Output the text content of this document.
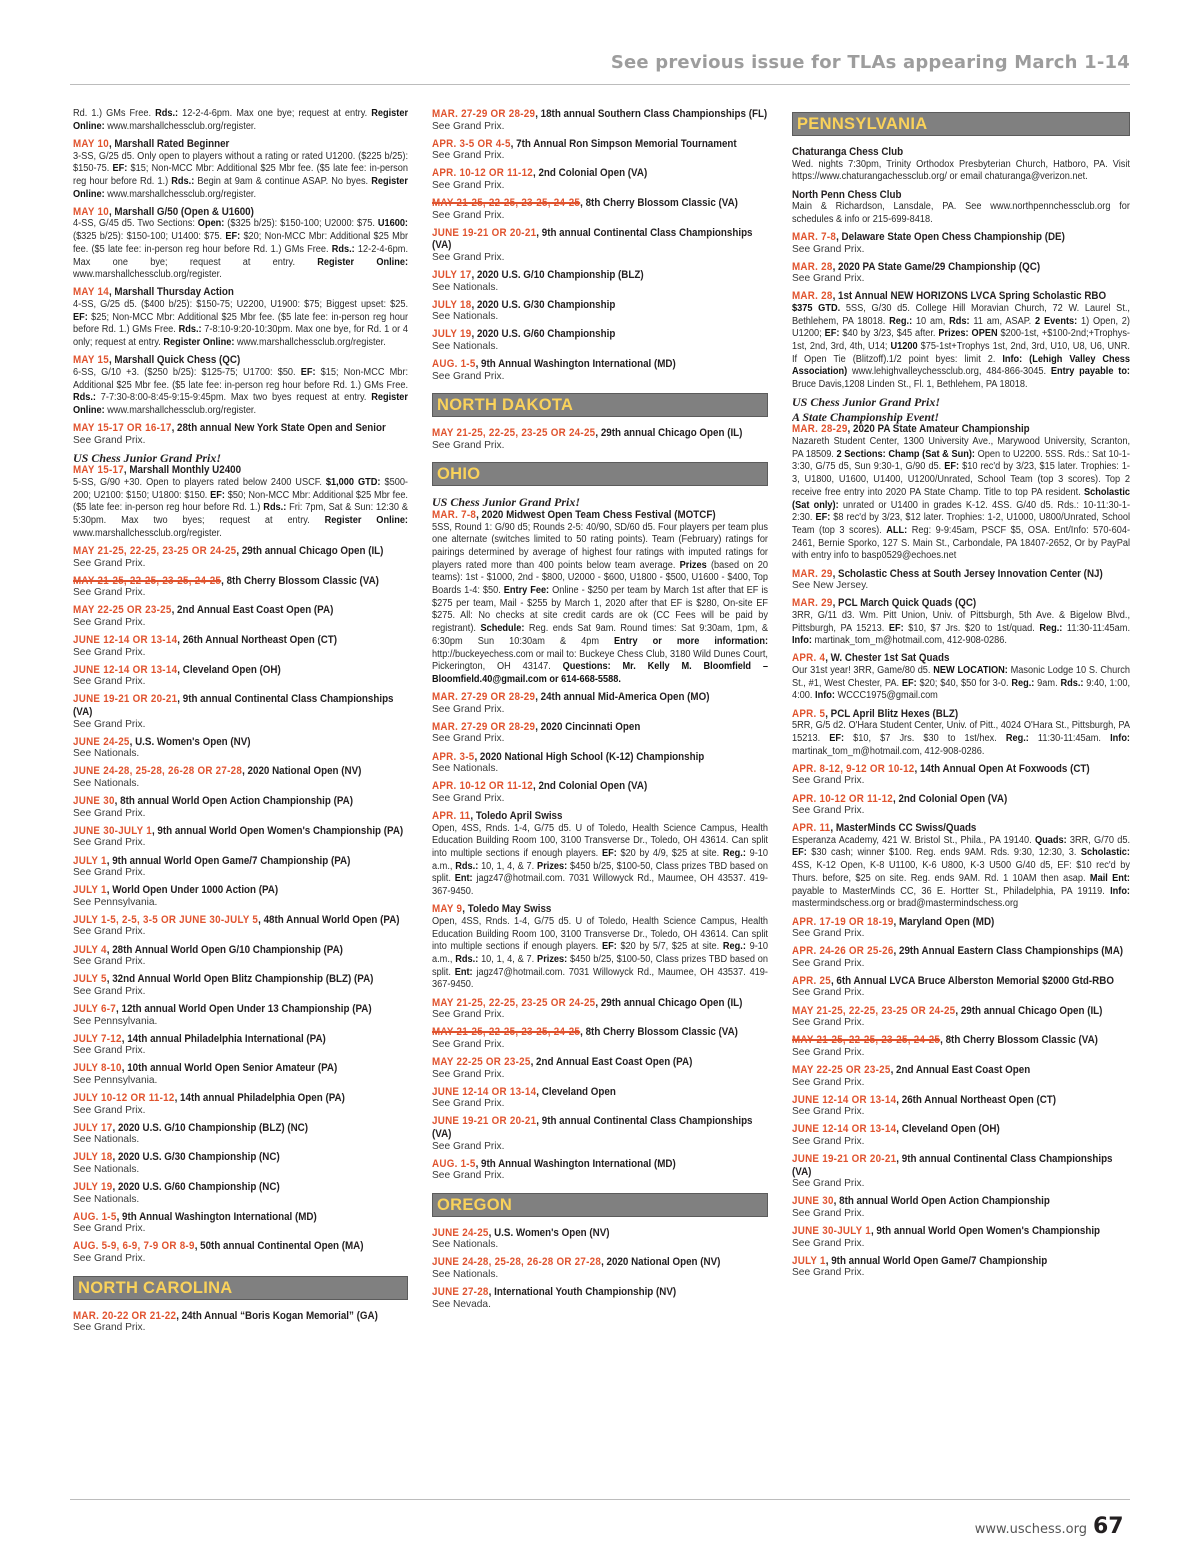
See previous issue for TLAs appearing March 1-14
Rd. 1.) GMs Free. Rds.: 12-2-4-6pm. Max one bye; request at entry. Register Online: www.marshallchessclub.org/register.
MAY 10, Marshall Rated Beginner
3-SS, G/25 d5. Only open to players without a rating or rated U1200. ($225 b/25): $150-75. EF: $15; Non-MCC Mbr: Additional $25 Mbr fee. ($5 late fee: in-person reg hour before Rd. 1.) Rds.: Begin at 9am & continue ASAP. No byes. Register Online: www.marshallchessclub.org/register.
MAY 10, Marshall G/50 (Open & U1600)
4-SS, G/45 d5. Two Sections: Open: ($325 b/25): $150-100; U2000: $75. U1600: ($325 b/25): $150-100; U1400: $75. EF: $20; Non-MCC Mbr: Additional $25 Mbr fee. ($5 late fee: in-person reg hour before Rd. 1.) GMs Free. Rds.: 12-2-4-6pm. Max one bye; request at entry. Register Online: www.marshallchessclub.org/register.
MAY 14, Marshall Thursday Action
4-SS, G/25 d5. ($400 b/25): $150-75; U2200, U1900: $75; Biggest upset: $25. EF: $25; Non-MCC Mbr: Additional $25 Mbr fee. ($5 late fee: in-person reg hour before Rd. 1.) GMs Free. Rds.: 7-8:10-9:20-10:30pm. Max one bye, for Rd. 1 or 4 only; request at entry. Register Online: www.marshallchessclub.org/register.
MAY 15, Marshall Quick Chess (QC)
6-SS, G/10 +3. ($250 b/25): $125-75; U1700: $50. EF: $15; Non-MCC Mbr: Additional $25 Mbr fee. ($5 late fee: in-person reg hour before Rd. 1.) GMs Free. Rds.: 7-7:30-8:00-8:45-9:15-9:45pm. Max two byes request at entry. Register Online: www.marshallchessclub.org/register.
MAY 15-17 OR 16-17, 28th annual New York State Open and Senior
See Grand Prix.
US Chess Junior Grand Prix!
MAY 15-17, Marshall Monthly U2400
5-SS, G/90 +30. Open to players rated below 2400 USCF. $1,000 GTD: $500-200; U2100: $150; U1800: $150. EF: $50; Non-MCC Mbr: Additional $25 Mbr fee. ($5 late fee: in-person reg hour before Rd. 1.) Rds.: Fri: 7pm, Sat & Sun: 12:30 & 5:30pm. Max two byes; request at entry. Register Online: www.marshallchessclub.org/register.
MAY 21-25, 22-25, 23-25 OR 24-25, 29th annual Chicago Open (IL)
See Grand Prix.
MAY 21-25, 22-25, 23-25, 24-25, 8th Cherry Blossom Classic (VA)
See Grand Prix.
MAY 22-25 OR 23-25, 2nd Annual East Coast Open (PA)
See Grand Prix.
JUNE 12-14 OR 13-14, 26th Annual Northeast Open (CT)
See Grand Prix.
JUNE 12-14 OR 13-14, Cleveland Open (OH)
See Grand Prix.
JUNE 19-21 OR 20-21, 9th annual Continental Class Championships (VA)
See Grand Prix.
JUNE 24-25, U.S. Women's Open (NV)
See Nationals.
JUNE 24-28, 25-28, 26-28 OR 27-28, 2020 National Open (NV)
See Nationals.
JUNE 30, 8th annual World Open Action Championship (PA)
See Grand Prix.
JUNE 30-JULY 1, 9th annual World Open Women's Championship (PA)
See Grand Prix.
JULY 1, 9th annual World Open Game/7 Championship (PA)
See Grand Prix.
JULY 1, World Open Under 1000 Action (PA)
See Pennsylvania.
JULY 1-5, 2-5, 3-5 OR JUNE 30-JULY 5, 48th Annual World Open (PA)
See Grand Prix.
JULY 4, 28th Annual World Open G/10 Championship (PA)
See Grand Prix.
JULY 5, 32nd Annual World Open Blitz Championship (BLZ) (PA)
See Grand Prix.
JULY 6-7, 12th annual World Open Under 13 Championship (PA)
See Pennsylvania.
JULY 7-12, 14th annual Philadelphia International (PA)
See Grand Prix.
JULY 8-10, 10th annual World Open Senior Amateur (PA)
See Pennsylvania.
JULY 10-12 OR 11-12, 14th annual Philadelphia Open (PA)
See Grand Prix.
JULY 17, 2020 U.S. G/10 Championship (BLZ) (NC)
See Nationals.
JULY 18, 2020 U.S. G/30 Championship (NC)
See Nationals.
JULY 19, 2020 U.S. G/60 Championship (NC)
See Nationals.
AUG. 1-5, 9th Annual Washington International (MD)
See Grand Prix.
AUG. 5-9, 6-9, 7-9 OR 8-9, 50th annual Continental Open (MA)
See Grand Prix.
NORTH CAROLINA
MAR. 20-22 OR 21-22, 24th Annual “Boris Kogan Memorial” (GA)
See Grand Prix.
MAR. 27-29 OR 28-29, 18th annual Southern Class Championships (FL)
See Grand Prix.
APR. 3-5 OR 4-5, 7th Annual Ron Simpson Memorial Tournament
See Grand Prix.
APR. 10-12 OR 11-12, 2nd Colonial Open (VA)
See Grand Prix.
MAY 21-25, 22-25, 23-25, 24-25, 8th Cherry Blossom Classic (VA)
See Grand Prix.
JUNE 19-21 OR 20-21, 9th annual Continental Class Championships (VA)
See Grand Prix.
JULY 17, 2020 U.S. G/10 Championship (BLZ)
See Nationals.
JULY 18, 2020 U.S. G/30 Championship
See Nationals.
JULY 19, 2020 U.S. G/60 Championship
See Nationals.
AUG. 1-5, 9th Annual Washington International (MD)
See Grand Prix.
NORTH DAKOTA
MAY 21-25, 22-25, 23-25 OR 24-25, 29th annual Chicago Open (IL)
See Grand Prix.
OHIO
US Chess Junior Grand Prix!
MAR. 7-8, 2020 Midwest Open Team Chess Festival (MOTCF)
5SS, Round 1: G/90 d5; Rounds 2-5: 40/90, SD/60 d5. Four players per team plus one alternate (switches limited to 50 rating points). Team (February) ratings for pairings determined by average of highest four ratings with imputed ratings for players rated more than 400 points below team average. Prizes (based on 20 teams): 1st - $1000, 2nd - $800, U2000 - $600, U1800 - $500, U1600 - $400, Top Boards 1-4: $50. Entry Fee: Online - $250 per team by March 1st after that EF is $275 per team, Mail - $255 by March 1, 2020 after that EF is $280, On-site EF $275. All: No checks at site credit cards are ok (CC Fees will be paid by registrant). Schedule: Reg. ends Sat 9am. Round times: Sat 9:30am, 1pm, & 6:30pm Sun 10:30am & 4pm Entry or more information: http://buckeyechess.com or mail to: Buckeye Chess Club, 3180 Wild Dunes Court, Pickerington, OH 43147. Questions: Mr. Kelly M. Bloomfield – Bloomfield.40@gmail.com or 614-668-5588.
MAR. 27-29 OR 28-29, 24th annual Mid-America Open (MO)
See Grand Prix.
MAR. 27-29 OR 28-29, 2020 Cincinnati Open
See Grand Prix.
APR. 3-5, 2020 National High School (K-12) Championship
See Nationals.
APR. 10-12 OR 11-12, 2nd Colonial Open (VA)
See Grand Prix.
APR. 11, Toledo April Swiss
Open, 4SS, Rnds. 1-4, G/75 d5. U of Toledo, Health Science Campus, Health Education Building Room 100, 3100 Transverse Dr., Toledo, OH 43614. Can split into multiple sections if enough players. EF: $20 by 4/9, $25 at site. Reg.: 9-10 a.m., Rds.: 10, 1, 4, & 7. Prizes: $450 b/25, $100-50, Class prizes TBD based on split. Ent: jagz47@hotmail.com. 7031 Willowyck Rd., Maumee, OH 43537. 419-367-9450.
MAY 9, Toledo May Swiss
Open, 4SS, Rnds. 1-4, G/75 d5. U of Toledo, Health Science Campus, Health Education Building Room 100, 3100 Transverse Dr., Toledo, OH 43614. Can split into multiple sections if enough players. EF: $20 by 5/7, $25 at site. Reg.: 9-10 a.m., Rds.: 10, 1, 4, & 7. Prizes: $450 b/25, $100-50, Class prizes TBD based on split. Ent: jagz47@hotmail.com. 7031 Willowyck Rd., Maumee, OH 43537. 419-367-9450.
MAY 21-25, 22-25, 23-25 OR 24-25, 29th annual Chicago Open (IL)
See Grand Prix.
MAY 21-25, 22-25, 23-25, 24-25, 8th Cherry Blossom Classic (VA)
See Grand Prix.
MAY 22-25 OR 23-25, 2nd Annual East Coast Open (PA)
See Grand Prix.
JUNE 12-14 OR 13-14, Cleveland Open
See Grand Prix.
JUNE 19-21 OR 20-21, 9th annual Continental Class Championships (VA)
See Grand Prix.
AUG. 1-5, 9th Annual Washington International (MD)
See Grand Prix.
OREGON
JUNE 24-25, U.S. Women's Open (NV)
See Nationals.
JUNE 24-28, 25-28, 26-28 OR 27-28, 2020 National Open (NV)
See Nationals.
JUNE 27-28, International Youth Championship (NV)
See Nevada.
PENNSYLVANIA
Chaturanga Chess Club
Wed. nights 7:30pm, Trinity Orthodox Presbyterian Church, Hatboro, PA. Visit https://www.chaturangachessclub.org/ or email chaturanga@verizon.net.
North Penn Chess Club
Main & Richardson, Lansdale, PA. See www.northpennchessclub.org for schedules & info or 215-699-8418.
MAR. 7-8, Delaware State Open Chess Championship (DE)
See Grand Prix.
MAR. 28, 2020 PA State Game/29 Championship (QC)
See Grand Prix.
MAR. 28, 1st Annual NEW HORIZONS LVCA Spring Scholastic RBO
$375 GTD. 5SS, G/30 d5. College Hill Moravian Church, 72 W. Laurel St., Bethlehem, PA 18018. Reg.: 10 am, Rds: 11 am, ASAP. 2 Events: 1) Open, 2) U1200; EF: $40 by 3/23, $45 after. Prizes: OPEN $200-1st, +$100-2nd;+Trophys-1st, 2nd, 3rd, 4th, U14; U1200 $75-1st+Trophys 1st, 2nd, 3rd, U10, U8, U6, UNR. If Open Tie (Blitzoff).1/2 point byes: limit 2. Info: (Lehigh Valley Chess Association) www.lehighvalleychessclub.org, 484-866-3045. Entry payable to: Bruce Davis,1208 Linden St., Fl. 1, Bethlehem, PA 18018.
US Chess Junior Grand Prix!
A State Championship Event!
MAR. 28-29, 2020 PA State Amateur Championship
Nazareth Student Center, 1300 University Ave., Marywood University, Scranton, PA 18509. 2 Sections: Champ (Sat & Sun): Open to U2200. 5SS. Rds.: Sat 10-1-3:30, G/75 d5, Sun 9:30-1, G/90 d5. EF: $10 rec'd by 3/23, $15 later. Trophies: 1-3, U1800, U1600, U1400, U1200/Unrated, School Team (top 3 scores). Top 2 receive free entry into 2020 PA State Champ. Title to top PA resident. Scholastic (Sat only): unrated or U1400 in grades K-12. 4SS. G/40 d5. Rds.: 10-11:30-1-2:30. EF: $8 rec'd by 3/23, $12 later. Trophies: 1-2, U1000, U800/Unrated, School Team (top 3 scores). ALL: Reg: 9-9:45am, PSCF $5, OSA. Ent/Info: 570-604-2461, Bernie Sporko, 127 S. Main St., Carbondale, PA 18407-2652, Or by PayPal with entry info to basp0529@echoes.net
MAR. 29, Scholastic Chess at South Jersey Innovation Center (NJ)
See New Jersey.
MAR. 29, PCL March Quick Quads (QC)
3RR, G/11 d3. Wm. Pitt Union, Univ. of Pittsburgh, 5th Ave. & Bigelow Blvd., Pittsburgh, PA 15213. EF: $10, $7 Jrs. $20 to 1st/quad. Reg.: 11:30-11:45am. Info: martinak_tom_m@hotmail.com, 412-908-0286.
APR. 4, W. Chester 1st Sat Quads
Our 31st year! 3RR, Game/80 d5. NEW LOCATION: Masonic Lodge 10 S. Church St., #1, West Chester, PA. EF: $20; $40, $50 for 3-0. Reg.: 9am. Rds.: 9:40, 1:00, 4:00. Info: WCCC1975@gmail.com
APR. 5, PCL April Blitz Hexes (BLZ)
5RR, G/5 d2. O'Hara Student Center, Univ. of Pitt., 4024 O'Hara St., Pittsburgh, PA 15213. EF: $10, $7 Jrs. $30 to 1st/hex. Reg.: 11:30-11:45am. Info: martinak_tom_m@hotmail.com, 412-908-0286.
APR. 8-12, 9-12 OR 10-12, 14th Annual Open At Foxwoods (CT)
See Grand Prix.
APR. 10-12 OR 11-12, 2nd Colonial Open (VA)
See Grand Prix.
APR. 11, MasterMinds CC Swiss/Quads
Esperanza Academy, 421 W. Bristol St., Phila., PA 19140. Quads: 3RR, G/70 d5. EF: $30 cash; winner $100. Reg. ends 9AM. Rds. 9:30, 12:30, 3. Scholastic: 4SS, K-12 Open, K-8 U1100, K-6 U800, K-3 U500 G/40 d5, EF: $10 rec'd by Thurs. before, $25 on site. Reg. ends 9AM. Rd. 1 10AM then asap. Mail Ent: payable to MasterMinds CC, 36 E. Hortter St., Philadelphia, PA 19119. Info: mastermindschess.org or brad@mastermindschess.org
APR. 17-19 OR 18-19, Maryland Open (MD)
See Grand Prix.
APR. 24-26 OR 25-26, 29th Annual Eastern Class Championships (MA)
See Grand Prix.
APR. 25, 6th Annual LVCA Bruce Alberston Memorial $2000 Gtd-RBO
See Grand Prix.
MAY 21-25, 22-25, 23-25 OR 24-25, 29th annual Chicago Open (IL)
See Grand Prix.
MAY 21-25, 22-25, 23-25, 24-25, 8th Cherry Blossom Classic (VA)
See Grand Prix.
MAY 22-25 OR 23-25, 2nd Annual East Coast Open
See Grand Prix.
JUNE 12-14 OR 13-14, 26th Annual Northeast Open (CT)
See Grand Prix.
JUNE 12-14 OR 13-14, Cleveland Open (OH)
See Grand Prix.
JUNE 19-21 OR 20-21, 9th annual Continental Class Championships (VA)
See Grand Prix.
JUNE 30, 8th annual World Open Action Championship
See Grand Prix.
JUNE 30-JULY 1, 9th annual World Open Women's Championship
See Grand Prix.
JULY 1, 9th annual World Open Game/7 Championship
See Grand Prix.
www.uschess.org 67
